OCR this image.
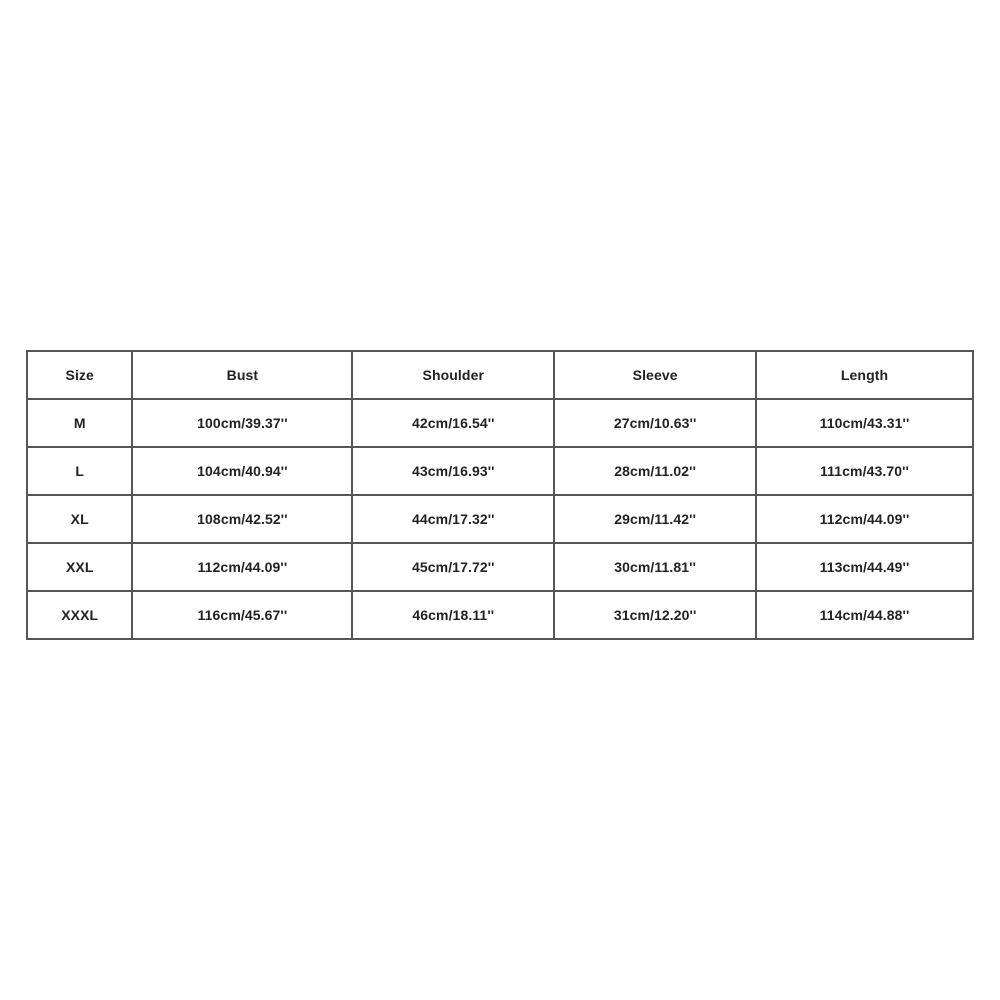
Size	Bust	Shoulder	Sleeve	Length
M	100cm/39.37''	42cm/16.54''	27cm/10.63''	110cm/43.31''
L	104cm/40.94''	43cm/16.93''	28cm/11.02''	111cm/43.70''
XL	108cm/42.52''	44cm/17.32''	29cm/11.42''	112cm/44.09''
XXL	112cm/44.09''	45cm/17.72''	30cm/11.81''	113cm/44.49''
XXXL	116cm/45.67''	46cm/18.11''	31cm/12.20''	114cm/44.88''
